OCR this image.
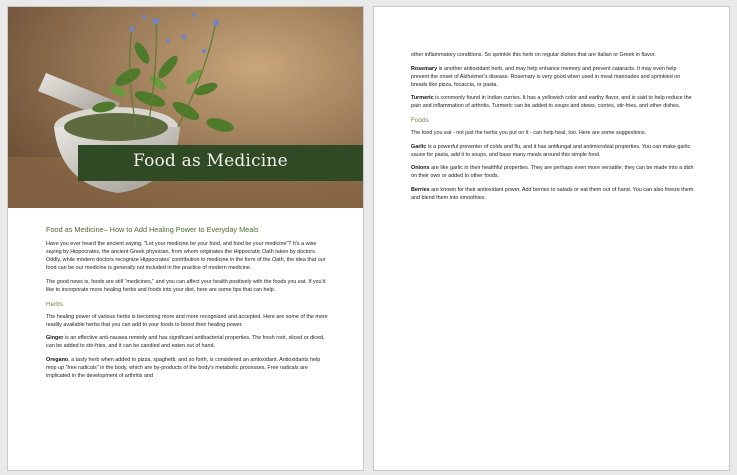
Food as Medicine
Food as Medicine– How to Add Healing Power to Everyday Meals

Have you ever heard the ancient saying, "Let your medicine be your food, and food be your medicine"? It's a wise saying by Hippocrates, the ancient Greek physician, from whom originates the Hippocratic Oath taken by doctors. Oddly, while modern doctors recognize Hippocrates' contribution to medicine in the form of the Oath, the idea that our food can be our medicine is generally not included in the practice of modern medicine.

The good news is, foods are still "medicines," and you can affect your health positively with the foods you eat. If you'd like to incorporate more healing herbs and foods into your diet, here are some tips that can help.

Herbs

The healing power of various herbs is becoming more and more recognized and accepted. Here are some of the more readily available herbs that you can add to your foods to boost their healing power.

Ginger is an effective anti-nausea remedy and has significant antibacterial properties. The fresh root, sliced or diced, can be added to stir-fries, and it can be candied and eaten out of hand.

Oregano, a tasty herb when added to pizza, spaghetti, and so forth, is considered an antioxidant. Antioxidants help mop up "free radicals" in the body, which are by-products of the body's metabolic processes. Free radicals are implicated in the development of arthritis and

other inflammatory conditions. So sprinkle this herb on regular dishes that are Italian or Greek in flavor.

Rosemary is another antioxidant herb, and may help enhance memory and prevent cataracts. It may even help prevent the onset of Alzheimer's disease. Rosemary is very good when used in meat marinades and sprinkled on breads like pizza, focaccia, or pasta.

Turmeric is commonly found in Indian curries. It has a yellowish color and earthy flavor, and is said to help reduce the pain and inflammation of arthritis. Turmeric can be added to soups and stews, curries, stir-fries, and other dishes.

Foods

The food you eat - not just the herbs you put on it - can help heal, too. Here are some suggestions.

Garlic is a powerful preventer of colds and flu, and it has antifungal and antimicrobial properties. You can make garlic sauce for pasta, add it to soups, and base many meals around this simple food.

Onions are like garlic in their healthful properties. They are perhaps even more versatile; they can be made into a dish on their own or added to other foods.

Berries are known for their antioxidant power. Add berries to salads or eat them out of hand. You can also freeze them and blend them into smoothies.
